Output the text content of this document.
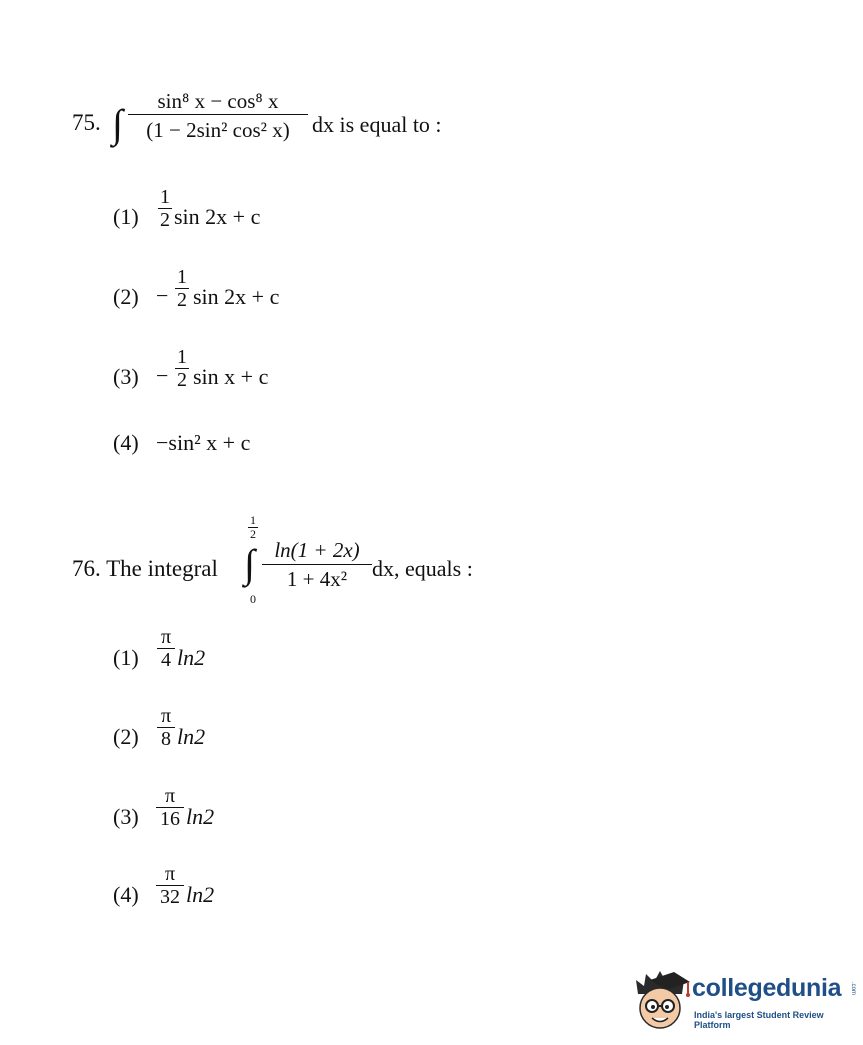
75. ∫	sin⁸ x − cos⁸ x
(1 − 2sin² cos² x)	dx is equal to :
(1)
1
2 sin 2x + c
(2) −
1
2 sin 2x + c
(3) −
1
2 sin x + c
(4) −sin² x + c
76. The integral
1
2
∫
0
ln(1 + 2x)
1 + 4x²	dx, equals :
(1)
π
4 ln2
(2)
π
8 ln2
(3)
π
16 ln2
(4)
π
32 ln2
collegedunia .com
India's largest Student Review Platform
